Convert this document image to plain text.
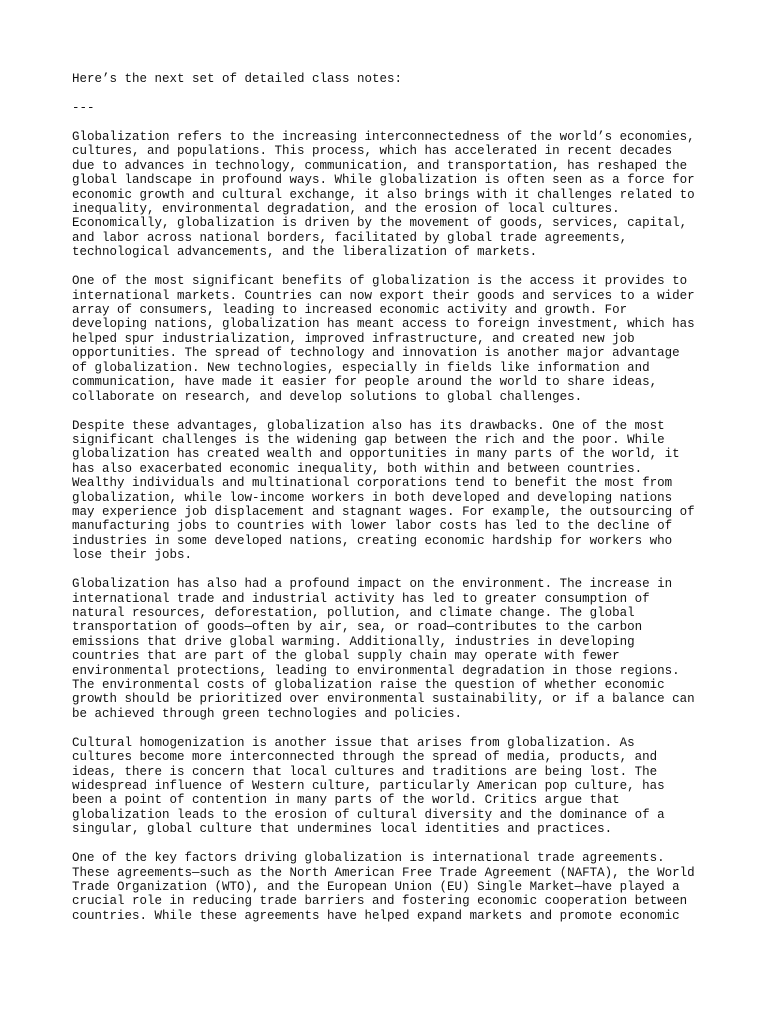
Here’s the next set of detailed class notes:

---

Globalization refers to the increasing interconnectedness of the world’s economies,
cultures, and populations. This process, which has accelerated in recent decades
due to advances in technology, communication, and transportation, has reshaped the
global landscape in profound ways. While globalization is often seen as a force for
economic growth and cultural exchange, it also brings with it challenges related to
inequality, environmental degradation, and the erosion of local cultures.
Economically, globalization is driven by the movement of goods, services, capital,
and labor across national borders, facilitated by global trade agreements,
technological advancements, and the liberalization of markets.

One of the most significant benefits of globalization is the access it provides to
international markets. Countries can now export their goods and services to a wider
array of consumers, leading to increased economic activity and growth. For
developing nations, globalization has meant access to foreign investment, which has
helped spur industrialization, improved infrastructure, and created new job
opportunities. The spread of technology and innovation is another major advantage
of globalization. New technologies, especially in fields like information and
communication, have made it easier for people around the world to share ideas,
collaborate on research, and develop solutions to global challenges.

Despite these advantages, globalization also has its drawbacks. One of the most
significant challenges is the widening gap between the rich and the poor. While
globalization has created wealth and opportunities in many parts of the world, it
has also exacerbated economic inequality, both within and between countries.
Wealthy individuals and multinational corporations tend to benefit the most from
globalization, while low-income workers in both developed and developing nations
may experience job displacement and stagnant wages. For example, the outsourcing of
manufacturing jobs to countries with lower labor costs has led to the decline of
industries in some developed nations, creating economic hardship for workers who
lose their jobs.

Globalization has also had a profound impact on the environment. The increase in
international trade and industrial activity has led to greater consumption of
natural resources, deforestation, pollution, and climate change. The global
transportation of goods—often by air, sea, or road—contributes to the carbon
emissions that drive global warming. Additionally, industries in developing
countries that are part of the global supply chain may operate with fewer
environmental protections, leading to environmental degradation in those regions.
The environmental costs of globalization raise the question of whether economic
growth should be prioritized over environmental sustainability, or if a balance can
be achieved through green technologies and policies.

Cultural homogenization is another issue that arises from globalization. As
cultures become more interconnected through the spread of media, products, and
ideas, there is concern that local cultures and traditions are being lost. The
widespread influence of Western culture, particularly American pop culture, has
been a point of contention in many parts of the world. Critics argue that
globalization leads to the erosion of cultural diversity and the dominance of a
singular, global culture that undermines local identities and practices.

One of the key factors driving globalization is international trade agreements.
These agreements—such as the North American Free Trade Agreement (NAFTA), the World
Trade Organization (WTO), and the European Union (EU) Single Market—have played a
crucial role in reducing trade barriers and fostering economic cooperation between
countries. While these agreements have helped expand markets and promote economic
